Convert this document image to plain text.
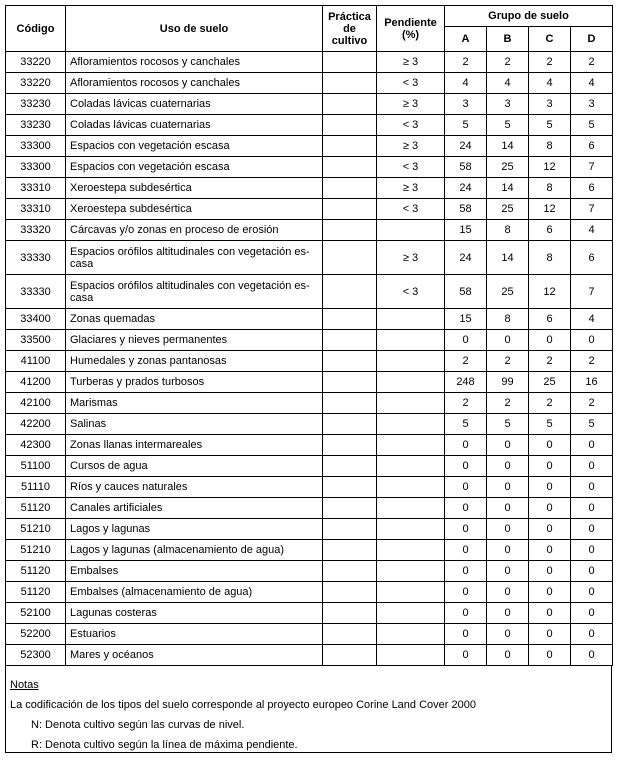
Código	Uso de suelo	Práctica de cultivo	Pendiente (%)	Grupo de suelo			
				A	B	C	D
33220	Afloramientos rocosos y canchales		≥ 3	2	2	2	2
33220	Afloramientos rocosos y canchales		< 3	4	4	4	4
33230	Coladas lávicas cuaternarias		≥ 3	3	3	3	3
33230	Coladas lávicas cuaternarias		< 3	5	5	5	5
33300	Espacios con vegetación escasa		≥ 3	24	14	8	6
33300	Espacios con vegetación escasa		< 3	58	25	12	7
33310	Xeroestepa subdesértica		≥ 3	24	14	8	6
33310	Xeroestepa subdesértica		< 3	58	25	12	7
33320	Cárcavas y/o zonas en proceso de erosión			15	8	6	4
33330	Espacios orófilos altitudinales con vegetación es-casa		≥ 3	24	14	8	6
33330	Espacios orófilos altitudinales con vegetación es-casa		< 3	58	25	12	7
33400	Zonas quemadas			15	8	6	4
33500	Glaciares y nieves permanentes			0	0	0	0
41100	Humedales y zonas pantanosas			2	2	2	2
41200	Turberas y prados turbosos			248	99	25	16
42100	Marismas			2	2	2	2
42200	Salinas			5	5	5	5
42300	Zonas llanas intermareales			0	0	0	0
51100	Cursos de agua			0	0	0	0
51110	Ríos y cauces naturales			0	0	0	0
51120	Canales artificiales			0	0	0	0
51210	Lagos y lagunas			0	0	0	0
51210	Lagos y lagunas (almacenamiento de agua)			0	0	0	0
51120	Embalses			0	0	0	0
51120	Embalses (almacenamiento de agua)			0	0	0	0
52100	Lagunas costeras			0	0	0	0
52200	Estuarios			0	0	0	0
52300	Mares y océanos			0	0	0	0
Notas
La codificación de los tipos del suelo corresponde al proyecto europeo Corine Land Cover 2000
N: Denota cultivo según las curvas de nivel.
R: Denota cultivo según la línea de máxima pendiente.
